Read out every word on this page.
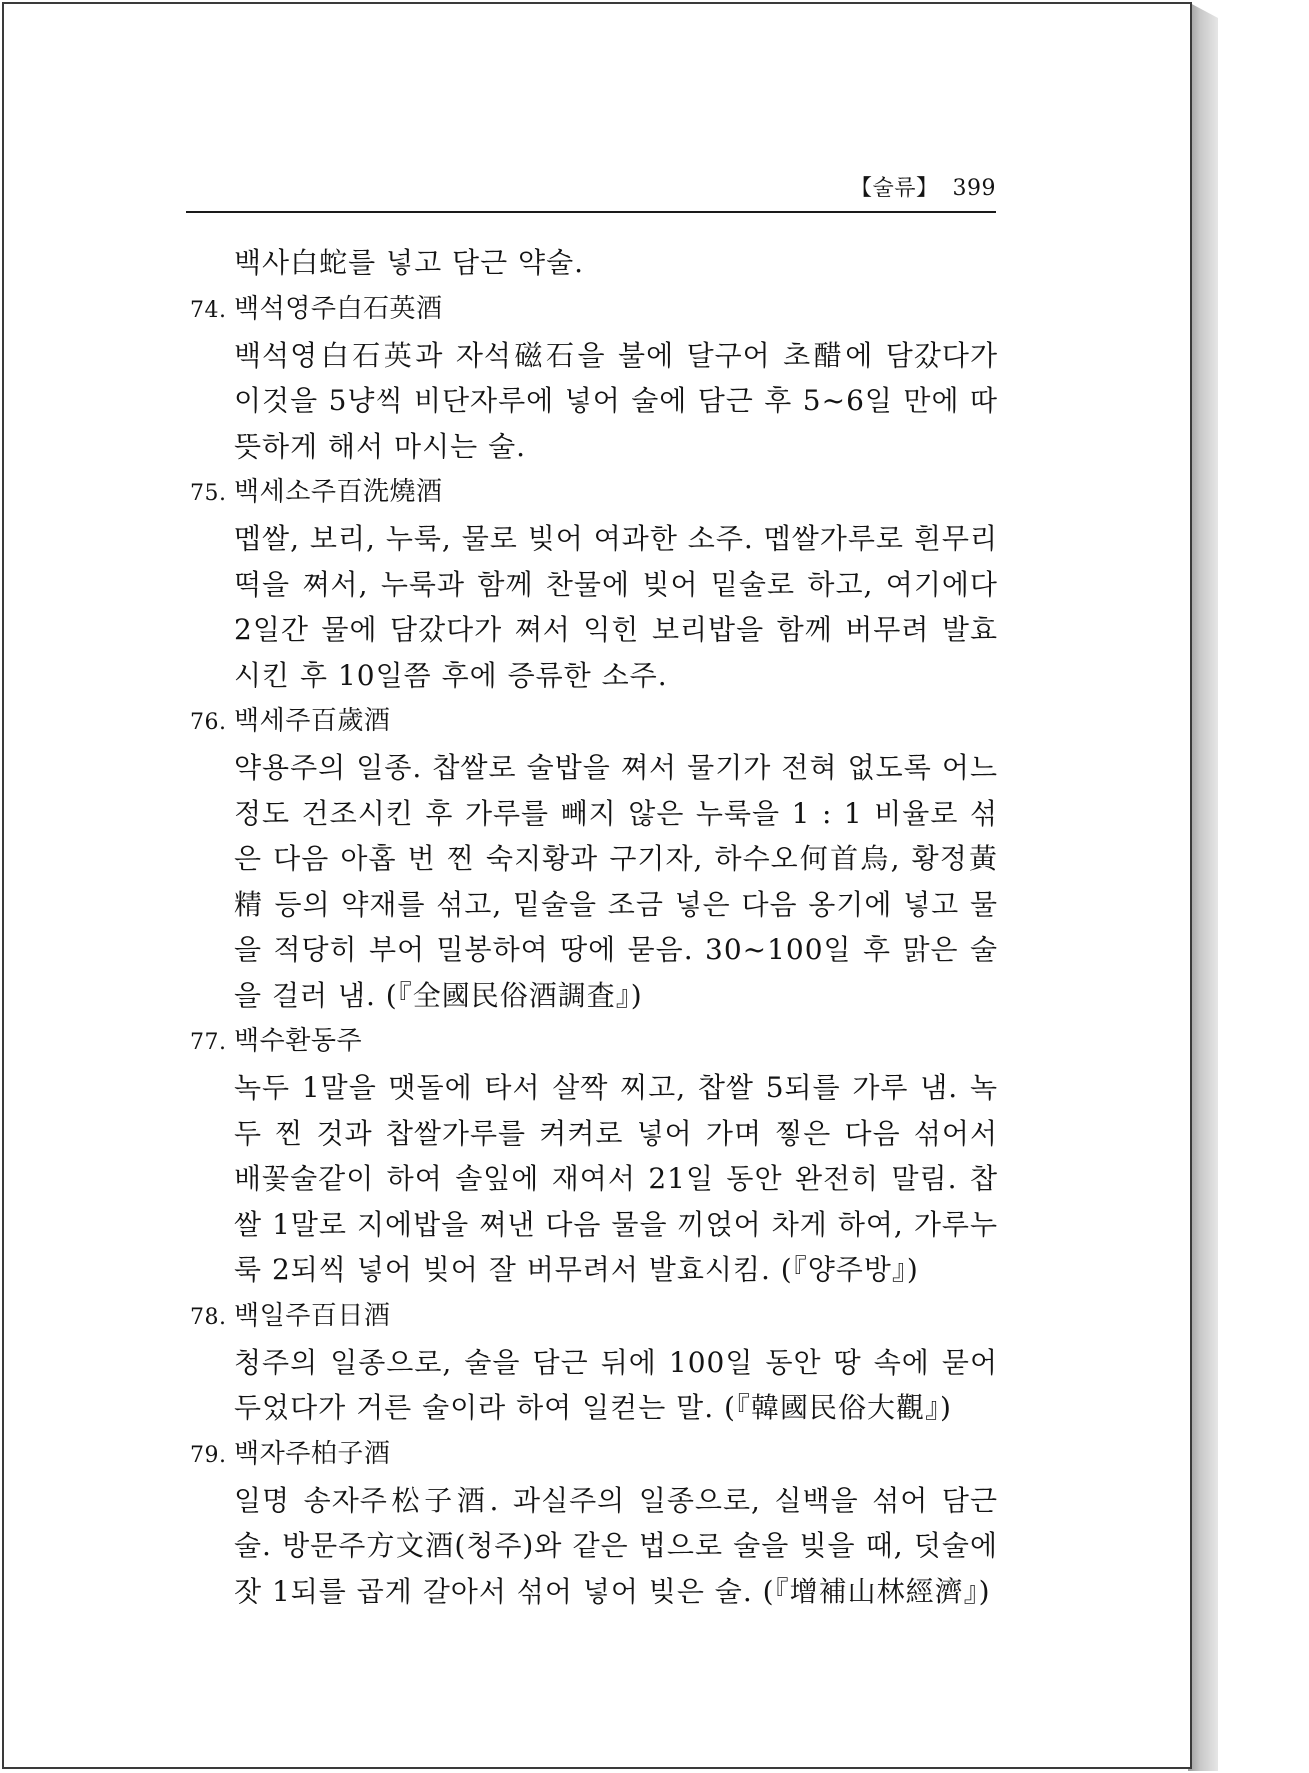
【술류】 399
백사白蛇를 넣고 담근 약술.
74. 백석영주白石英酒
백석영白石英과 자석磁石을 불에 달구어 초醋에 담갔다가 이것을 5냥씩 비단자루에 넣어 술에 담근 후 5~6일 만에 따뜻하게 해서 마시는 술.
75. 백세소주百洗燒酒
멥쌀, 보리, 누룩, 물로 빚어 여과한 소주. 멥쌀가루로 흰무리떡을 쪄서, 누룩과 함께 찬물에 빚어 밑술로 하고, 여기에다 2일간 물에 담갔다가 쪄서 익힌 보리밥을 함께 버무려 발효시킨 후 10일쯤 후에 증류한 소주.
76. 백세주百歲酒
약용주의 일종. 찹쌀로 술밥을 쪄서 물기가 전혀 없도록 어느 정도 건조시킨 후 가루를 빼지 않은 누룩을 1 : 1 비율로 섞은 다음 아홉 번 찐 숙지황과 구기자, 하수오何首烏, 황정黃精 등의 약재를 섞고, 밑술을 조금 넣은 다음 옹기에 넣고 물을 적당히 부어 밀봉하여 땅에 묻음. 30~100일 후 맑은 술을 걸러 냄. (『全國民俗酒調査』)
77. 백수환동주
녹두 1말을 맷돌에 타서 살짝 찌고, 찹쌀 5되를 가루 냄. 녹두 찐 것과 찹쌀가루를 켜켜로 넣어 가며 찧은 다음 섞어서 배꽃술같이 하여 솔잎에 재여서 21일 동안 완전히 말림. 찹쌀 1말로 지에밥을 쪄낸 다음 물을 끼얹어 차게 하여, 가루누룩 2되씩 넣어 빚어 잘 버무려서 발효시킴. (『양주방』)
78. 백일주百日酒
청주의 일종으로, 술을 담근 뒤에 100일 동안 땅 속에 묻어 두었다가 거른 술이라 하여 일컫는 말. (『韓國民俗大觀』)
79. 백자주柏子酒
일명 송자주松子酒. 과실주의 일종으로, 실백을 섞어 담근 술. 방문주方文酒(청주)와 같은 법으로 술을 빚을 때, 덧술에 잣 1되를 곱게 갈아서 섞어 넣어 빚은 술. (『增補山林經濟』)
